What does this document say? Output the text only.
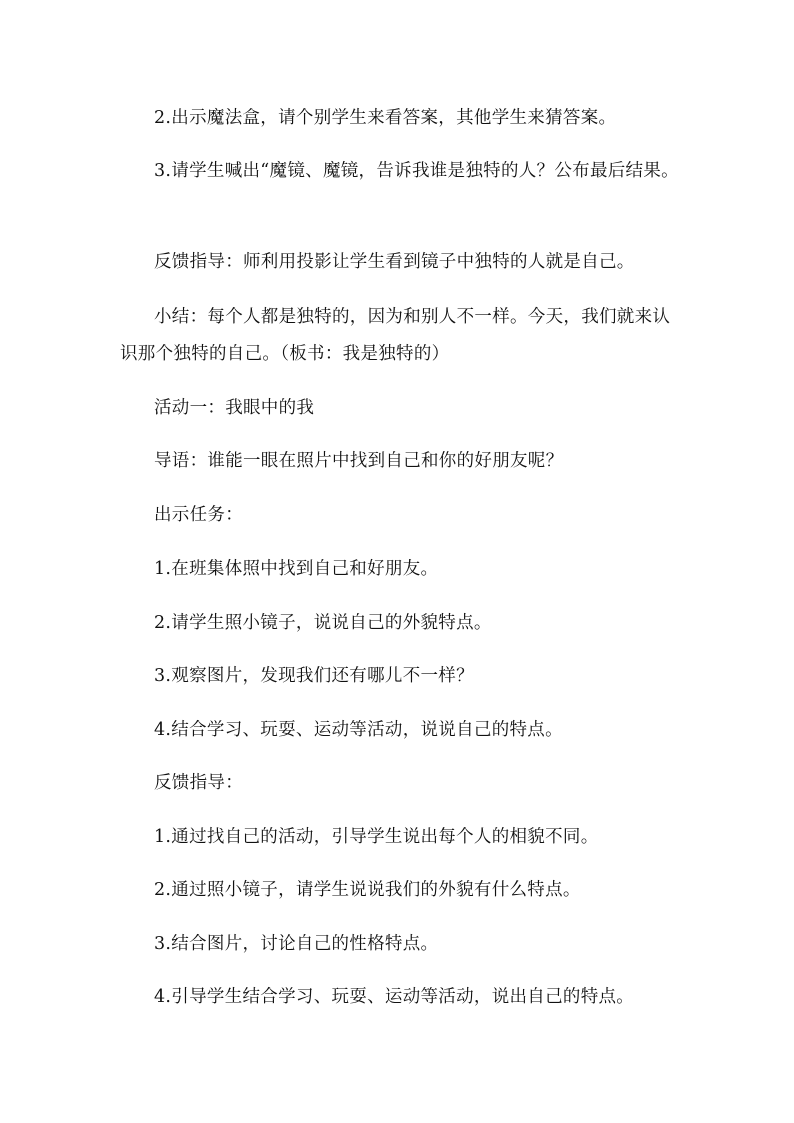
2.出示魔法盒，请个别学生来看答案，其他学生来猜答案。

3.请学生喊出“魔镜、魔镜，告诉我谁是独特的人？公布最后结果。

反馈指导：师利用投影让学生看到镜子中独特的人就是自己。

小结：每个人都是独特的，因为和别人不一样。今天，我们就来认识那个独特的自己。（板书：我是独特的）

活动一：我眼中的我

导语：谁能一眼在照片中找到自己和你的好朋友呢？

出示任务：

1.在班集体照中找到自己和好朋友。

2.请学生照小镜子，说说自己的外貌特点。

3.观察图片，发现我们还有哪儿不一样？

4.结合学习、玩耍、运动等活动，说说自己的特点。

反馈指导：

1.通过找自己的活动，引导学生说出每个人的相貌不同。

2.通过照小镜子，请学生说说我们的外貌有什么特点。

3.结合图片，讨论自己的性格特点。

4.引导学生结合学习、玩耍、运动等活动，说出自己的特点。
